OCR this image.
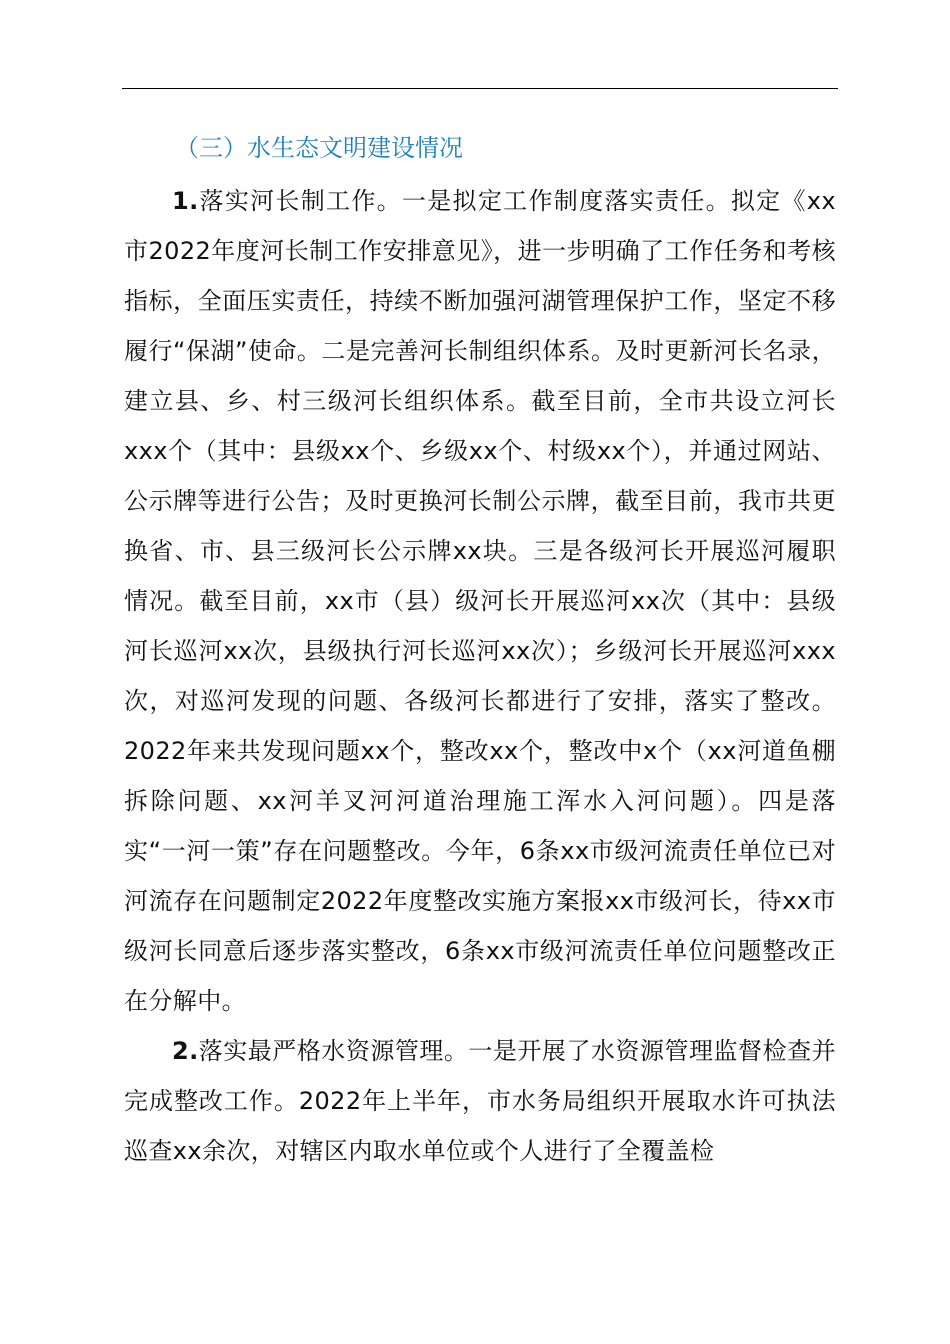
（三）水生态文明建设情况

1.落实河长制工作。一是拟定工作制度落实责任。拟定《xx市2022年度河长制工作安排意见》，进一步明确了工作任务和考核指标，全面压实责任，持续不断加强河湖管理保护工作，坚定不移履行“保湖”使命。二是完善河长制组织体系。及时更新河长名录，建立县、乡、村三级河长组织体系。截至目前，全市共设立河长xxx个（其中：县级xx个、乡级xx个、村级xx个），并通过网站、公示牌等进行公告；及时更换河长制公示牌，截至目前，我市共更换省、市、县三级河长公示牌xx块。三是各级河长开展巡河履职情况。截至目前，xx市（县）级河长开展巡河xx次（其中：县级河长巡河xx次，县级执行河长巡河xx次）；乡级河长开展巡河xxx次，对巡河发现的问题、各级河长都进行了安排，落实了整改。2022年来共发现问题xx个，整改xx个，整改中x个（xx河道鱼棚拆除问题、xx河羊叉河河道治理施工浑水入河问题）。四是落实“一河一策”存在问题整改。今年，6条xx市级河流责任单位已对河流存在问题制定2022年度整改实施方案报xx市级河长，待xx市级河长同意后逐步落实整改，6条xx市级河流责任单位问题整改正在分解中。

2.落实最严格水资源管理。一是开展了水资源管理监督检查并完成整改工作。2022年上半年，市水务局组织开展取水许可执法巡查xx余次，对辖区内取水单位或个人进行了全覆盖检
